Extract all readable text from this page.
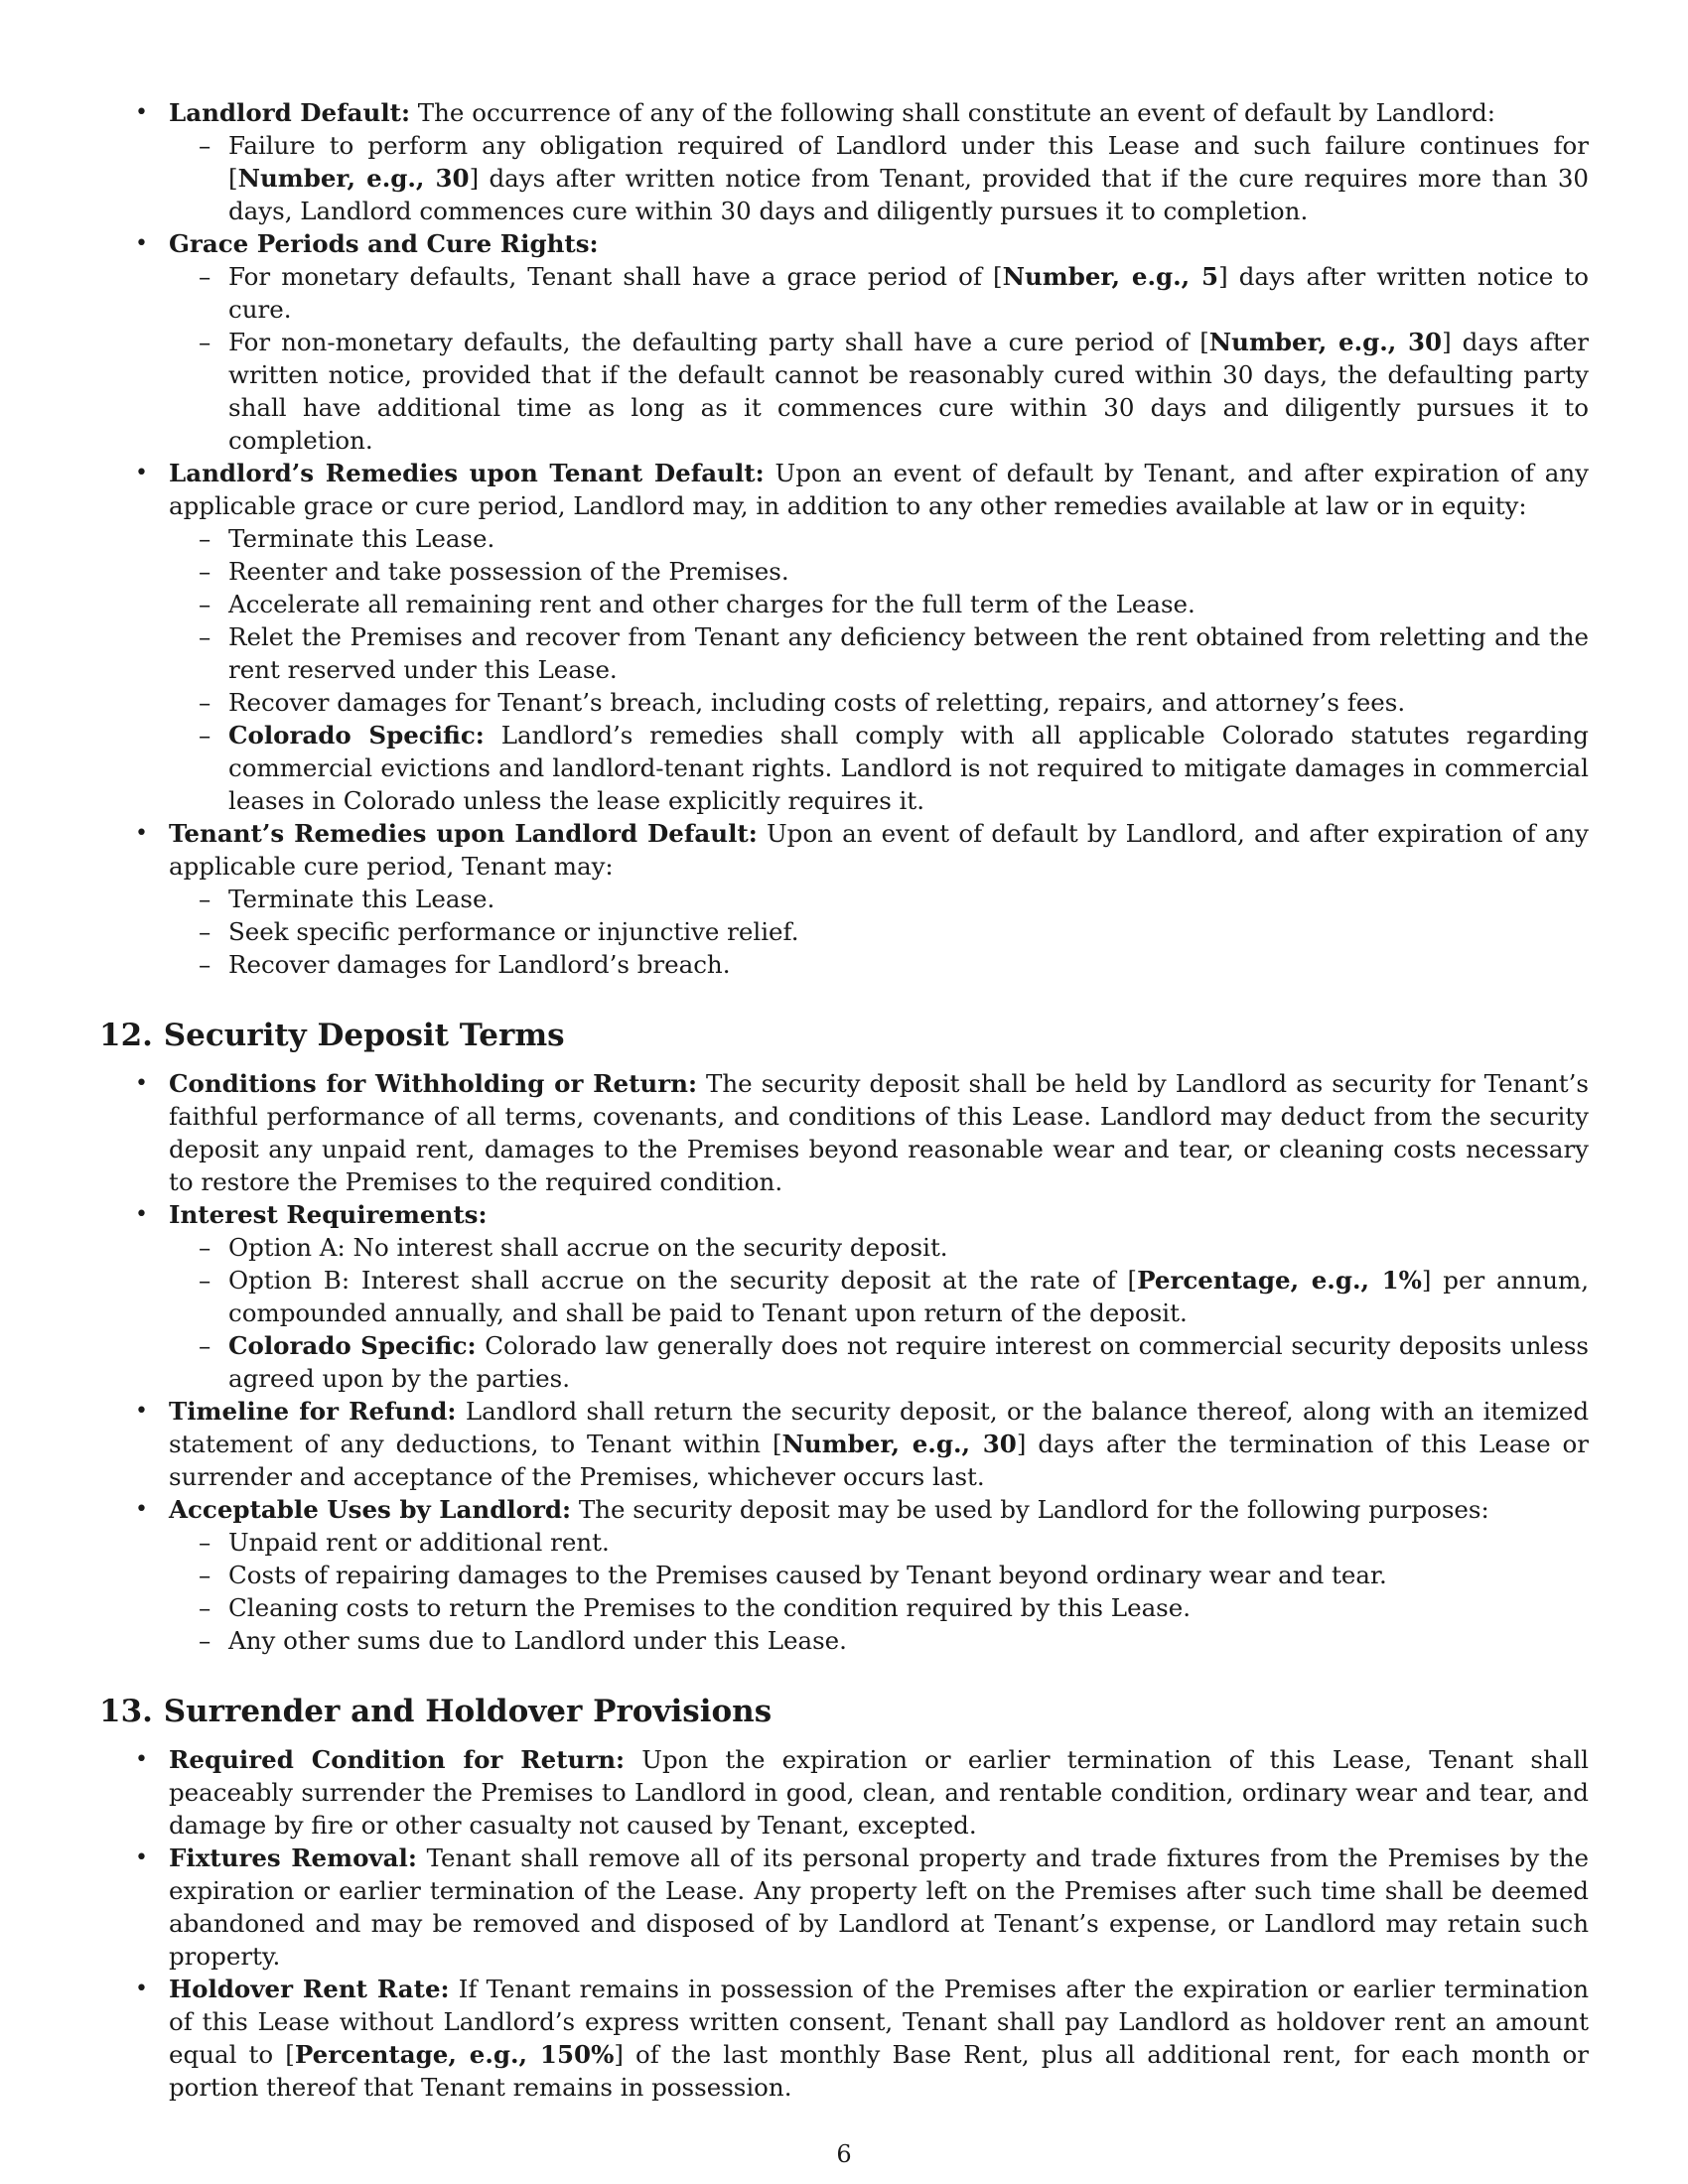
• Landlord Default: The occurrence of any of the following shall constitute an event of default by Landlord:
– Failure to perform any obligation required of Landlord under this Lease and such failure continues for [Number, e.g., 30] days after written notice from Tenant, provided that if the cure requires more than 30 days, Landlord commences cure within 30 days and diligently pursues it to completion.
• Grace Periods and Cure Rights:
– For monetary defaults, Tenant shall have a grace period of [Number, e.g., 5] days after written notice to cure.
– For non-monetary defaults, the defaulting party shall have a cure period of [Number, e.g., 30] days after written notice, provided that if the default cannot be reasonably cured within 30 days, the defaulting party shall have additional time as long as it commences cure within 30 days and diligently pursues it to completion.
• Landlord’s Remedies upon Tenant Default: Upon an event of default by Tenant, and after expiration of any applicable grace or cure period, Landlord may, in addition to any other remedies available at law or in equity:
– Terminate this Lease.
– Reenter and take possession of the Premises.
– Accelerate all remaining rent and other charges for the full term of the Lease.
– Relet the Premises and recover from Tenant any deficiency between the rent obtained from reletting and the rent reserved under this Lease.
– Recover damages for Tenant’s breach, including costs of reletting, repairs, and attorney’s fees.
– Colorado Specific: Landlord’s remedies shall comply with all applicable Colorado statutes regarding commercial evictions and landlord-tenant rights. Landlord is not required to mitigate damages in commercial leases in Colorado unless the lease explicitly requires it.
• Tenant’s Remedies upon Landlord Default: Upon an event of default by Landlord, and after expiration of any applicable cure period, Tenant may:
– Terminate this Lease.
– Seek specific performance or injunctive relief.
– Recover damages for Landlord’s breach.
12. Security Deposit Terms
• Conditions for Withholding or Return: The security deposit shall be held by Landlord as security for Tenant’s faithful performance of all terms, covenants, and conditions of this Lease. Landlord may deduct from the security deposit any unpaid rent, damages to the Premises beyond reasonable wear and tear, or cleaning costs necessary to restore the Premises to the required condition.
• Interest Requirements:
– Option A: No interest shall accrue on the security deposit.
– Option B: Interest shall accrue on the security deposit at the rate of [Percentage, e.g., 1%] per annum, compounded annually, and shall be paid to Tenant upon return of the deposit.
– Colorado Specific: Colorado law generally does not require interest on commercial security deposits unless agreed upon by the parties.
• Timeline for Refund: Landlord shall return the security deposit, or the balance thereof, along with an itemized statement of any deductions, to Tenant within [Number, e.g., 30] days after the termination of this Lease or surrender and acceptance of the Premises, whichever occurs last.
• Acceptable Uses by Landlord: The security deposit may be used by Landlord for the following purposes:
– Unpaid rent or additional rent.
– Costs of repairing damages to the Premises caused by Tenant beyond ordinary wear and tear.
– Cleaning costs to return the Premises to the condition required by this Lease.
– Any other sums due to Landlord under this Lease.
13. Surrender and Holdover Provisions
• Required Condition for Return: Upon the expiration or earlier termination of this Lease, Tenant shall peaceably surrender the Premises to Landlord in good, clean, and rentable condition, ordinary wear and tear, and damage by fire or other casualty not caused by Tenant, excepted.
• Fixtures Removal: Tenant shall remove all of its personal property and trade fixtures from the Premises by the expiration or earlier termination of the Lease. Any property left on the Premises after such time shall be deemed abandoned and may be removed and disposed of by Landlord at Tenant’s expense, or Landlord may retain such property.
• Holdover Rent Rate: If Tenant remains in possession of the Premises after the expiration or earlier termination of this Lease without Landlord’s express written consent, Tenant shall pay Landlord as holdover rent an amount equal to [Percentage, e.g., 150%] of the last monthly Base Rent, plus all additional rent, for each month or portion thereof that Tenant remains in possession.
6
